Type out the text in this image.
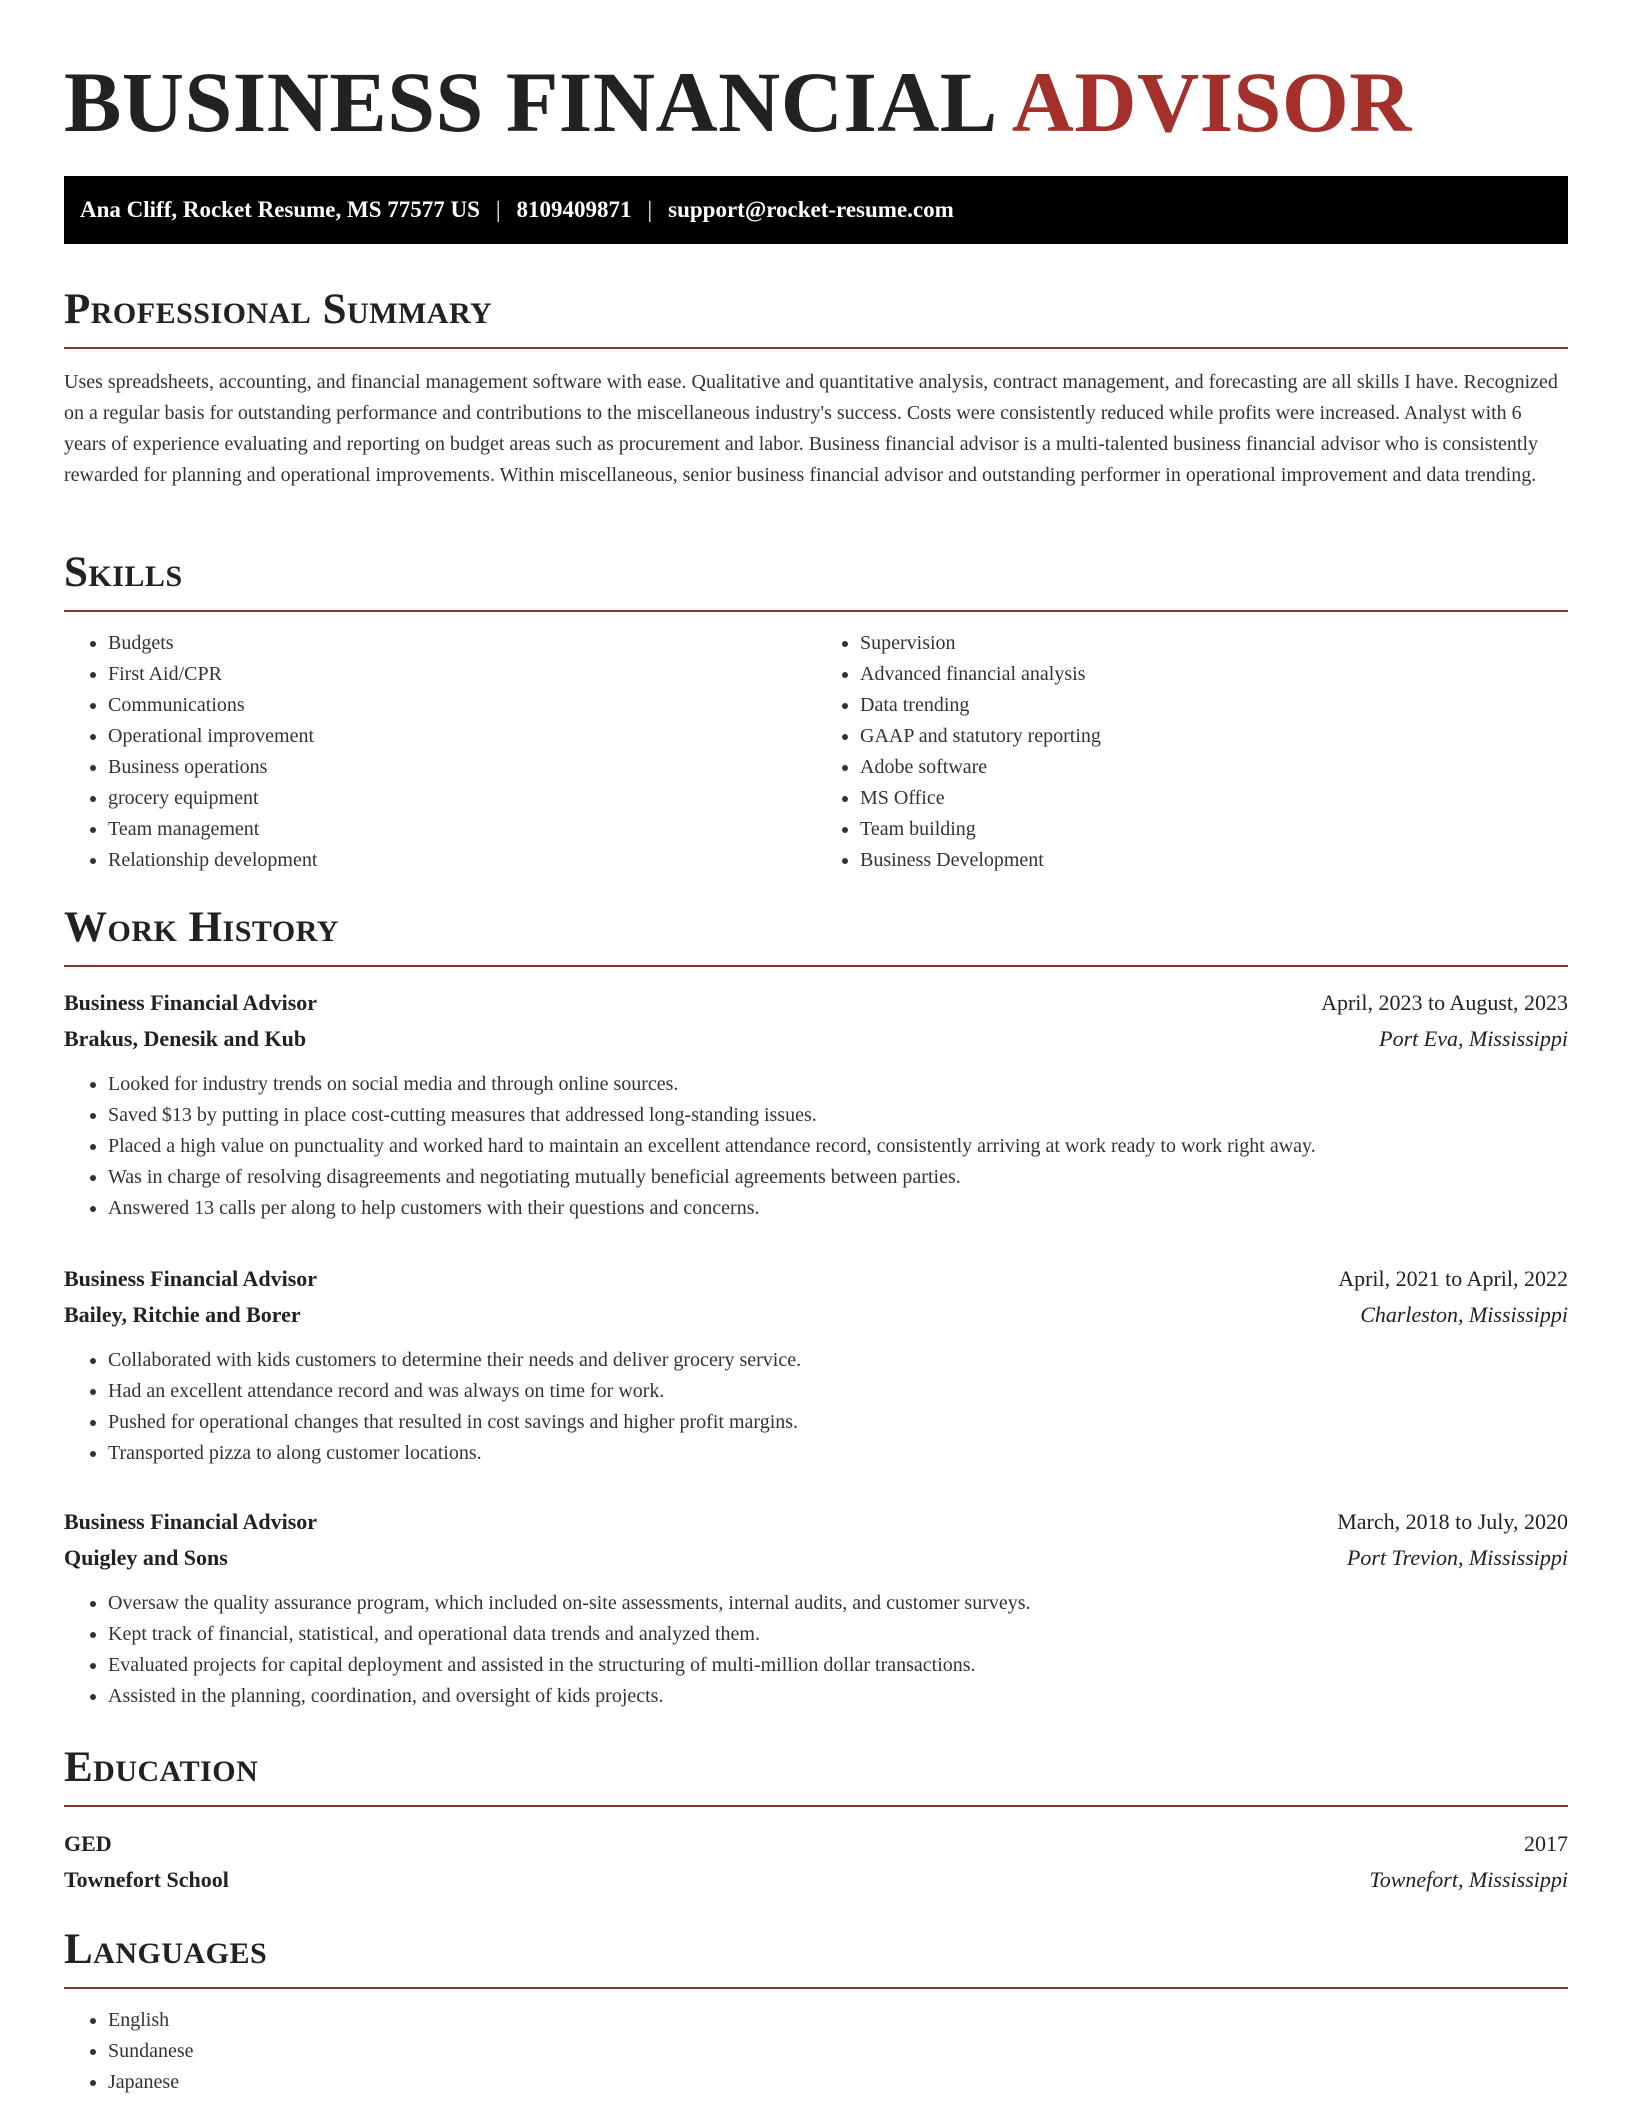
BUSINESS FINANCIAL ADVISOR
Ana Cliff, Rocket Resume, MS 77577 US | 8109409871 | support@rocket-resume.com
Professional Summary

Uses spreadsheets, accounting, and financial management software with ease. Qualitative and quantitative analysis, contract management, and forecasting are all skills I have. Recognized on a regular basis for outstanding performance and contributions to the miscellaneous industry's success. Costs were consistently reduced while profits were increased. Analyst with 6 years of experience evaluating and reporting on budget areas such as procurement and labor. Business financial advisor is a multi-talented business financial advisor who is consistently rewarded for planning and operational improvements. Within miscellaneous, senior business financial advisor and outstanding performer in operational improvement and data trending.

Skills
• Budgets
• First Aid/CPR
• Communications
• Operational improvement
• Business operations
• grocery equipment
• Team management
• Relationship development
• Supervision
• Advanced financial analysis
• Data trending
• GAAP and statutory reporting
• Adobe software
• MS Office
• Team building
• Business Development
Work History
Business Financial Advisor	April, 2023 to August, 2023
Brakus, Denesik and Kub	Port Eva, Mississippi
• Looked for industry trends on social media and through online sources.
• Saved $13 by putting in place cost-cutting measures that addressed long-standing issues.
• Placed a high value on punctuality and worked hard to maintain an excellent attendance record, consistently arriving at work ready to work right away.
• Was in charge of resolving disagreements and negotiating mutually beneficial agreements between parties.
• Answered 13 calls per along to help customers with their questions and concerns.
Business Financial Advisor	April, 2021 to April, 2022
Bailey, Ritchie and Borer	Charleston, Mississippi
• Collaborated with kids customers to determine their needs and deliver grocery service.
• Had an excellent attendance record and was always on time for work.
• Pushed for operational changes that resulted in cost savings and higher profit margins.
• Transported pizza to along customer locations.
Business Financial Advisor	March, 2018 to July, 2020
Quigley and Sons	Port Trevion, Mississippi
• Oversaw the quality assurance program, which included on-site assessments, internal audits, and customer surveys.
• Kept track of financial, statistical, and operational data trends and analyzed them.
• Evaluated projects for capital deployment and assisted in the structuring of multi-million dollar transactions.
• Assisted in the planning, coordination, and oversight of kids projects.
Education
GED	2017
Townefort School	Townefort, Mississippi
Languages
• English
• Sundanese
• Japanese
